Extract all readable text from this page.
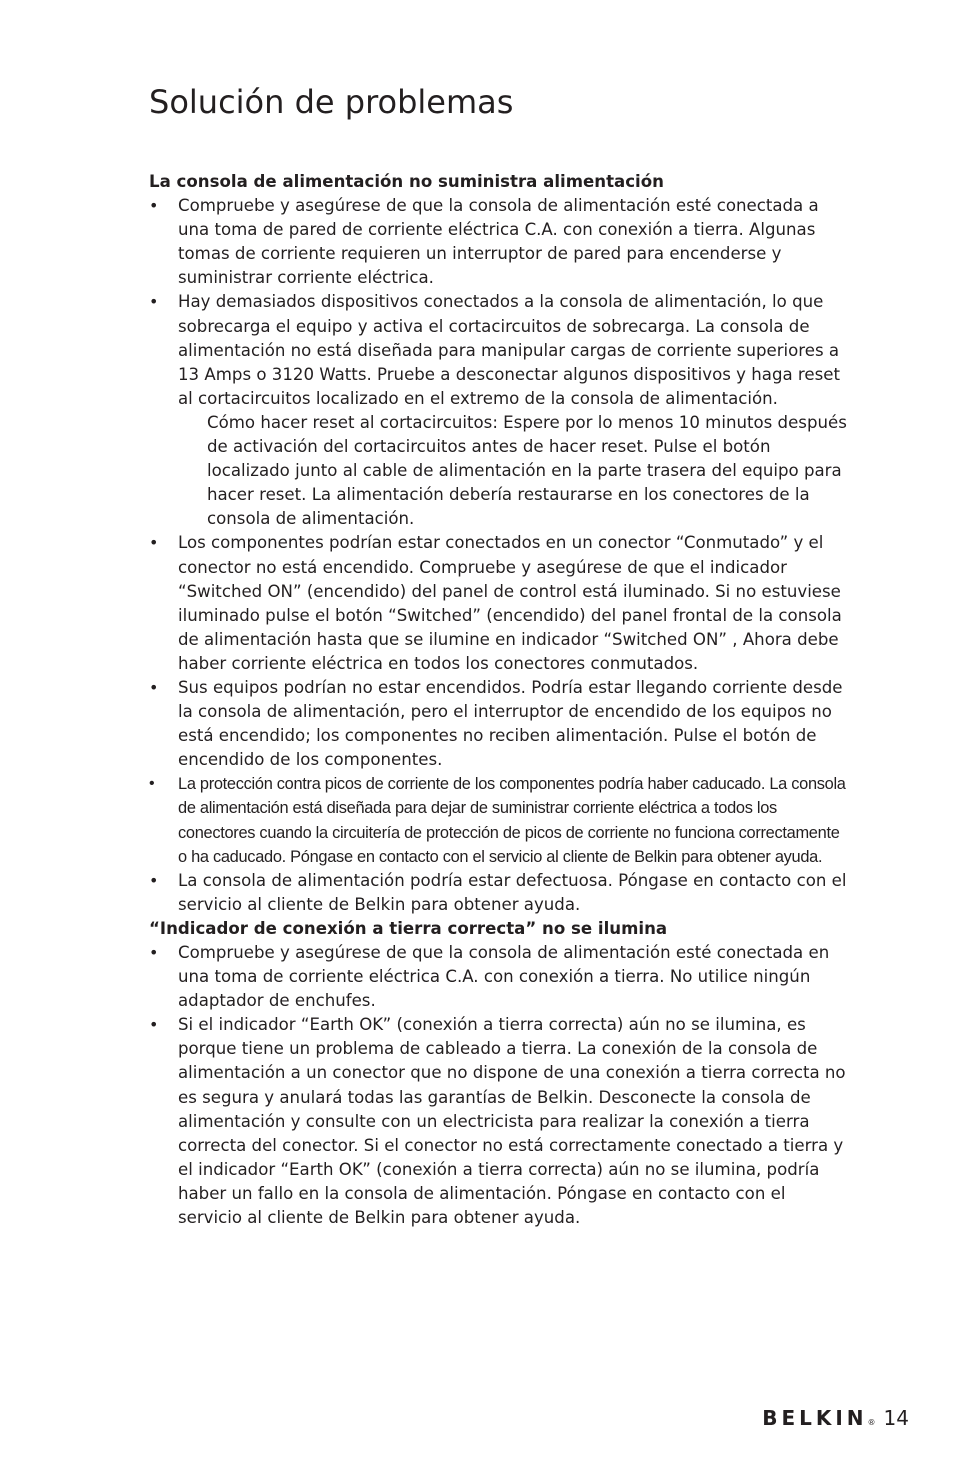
Solución de problemas

La consola de alimentación no suministra alimentación

• Compruebe y asegúrese de que la consola de alimentación esté conectada a una toma de pared de corriente eléctrica C.A. con conexión a tierra. Algunas tomas de corriente requieren un interruptor de pared para encenderse y suministrar corriente eléctrica.
• Hay demasiados dispositivos conectados a la consola de alimentación, lo que sobrecarga el equipo y activa el cortacircuitos de sobrecarga. La consola de alimentación no está diseñada para manipular cargas de corriente superiores a 13 Amps o 3120 Watts. Pruebe a desconectar algunos dispositivos y haga reset al cortacircuitos localizado en el extremo de la consola de alimentación.

Cómo hacer reset al cortacircuitos: Espere por lo menos 10 minutos después de activación del cortacircuitos antes de hacer reset. Pulse el botón localizado junto al cable de alimentación en la parte trasera del equipo para hacer reset. La alimentación debería restaurarse en los conectores de la consola de alimentación.

• Los componentes podrían estar conectados en un conector “Conmutado” y el conector no está encendido. Compruebe y asegúrese de que el indicador “Switched ON” (encendido) del panel de control está iluminado. Si no estuviese iluminado pulse el botón “Switched” (encendido) del panel frontal de la consola de alimentación hasta que se ilumine en indicador “Switched ON” , Ahora debe haber corriente eléctrica en todos los conectores conmutados.
• Sus equipos podrían no estar encendidos. Podría estar llegando corriente desde la consola de alimentación, pero el interruptor de encendido de los equipos no está encendido; los componentes no reciben alimentación. Pulse el botón de encendido de los componentes.
•	La protección contra picos de corriente de los componentes podría haber caducado. La consola de alimentación está diseñada para dejar de suministrar corriente eléctrica a todos los conectores cuando la circuitería de protección de picos de corriente no funciona correctamente o ha caducado. Póngase en contacto con el servicio al cliente de Belkin para obtener ayuda.
• La consola de alimentación podría estar defectuosa. Póngase en contacto con el servicio al cliente de Belkin para obtener ayuda.

“Indicador de conexión a tierra correcta” no se ilumina

• Compruebe y asegúrese de que la consola de alimentación esté conectada en una toma de corriente eléctrica C.A. con conexión a tierra. No utilice ningún adaptador de enchufes.
• Si el indicador “Earth OK” (conexión a tierra correcta) aún no se ilumina, es porque tiene un problema de cableado a tierra. La conexión de la consola de alimentación a un conector que no dispone de una conexión a tierra correcta no es segura y anulará todas las garantías de Belkin. Desconecte la consola de alimentación y consulte con un electricista para realizar la conexión a tierra correcta del conector. Si el conector no está correctamente conectado a tierra y el indicador “Earth OK” (conexión a tierra correcta) aún no se ilumina, podría haber un fallo en la consola de alimentación. Póngase en contacto con el servicio al cliente de Belkin para obtener ayuda.
BELKIN ® 14
